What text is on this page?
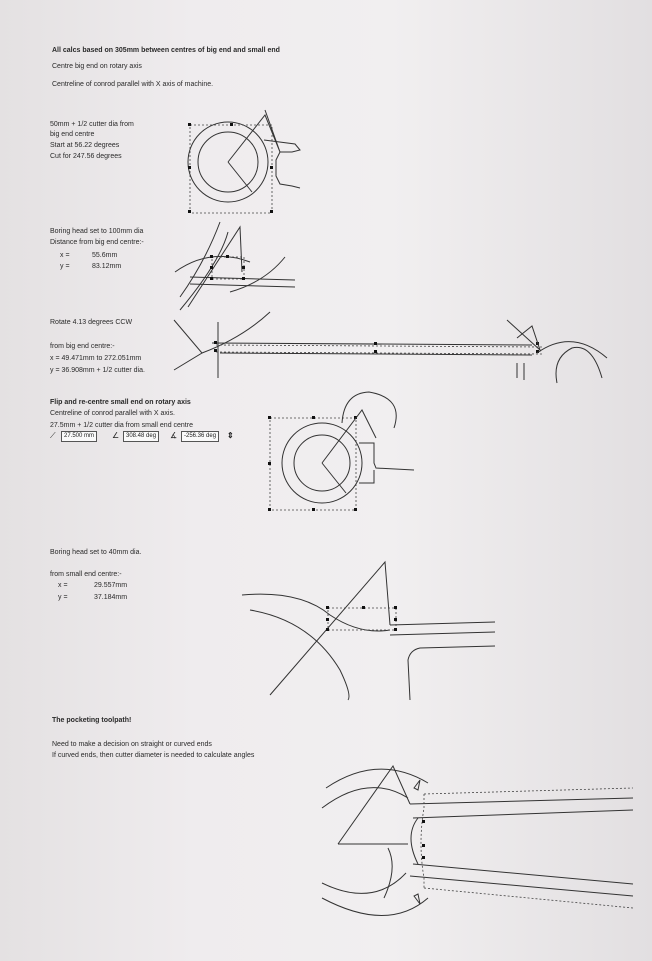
All calcs based on 305mm between centres of big end and small end
Centre big end on rotary axis
Centreline of conrod parallel with X axis of machine.
50mm + 1/2 cutter dia from
big end centre
Start at 56.22 degrees
Cut for 247.56 degrees
Boring head set to 100mm dia
Distance from big end centre:-
x =	55.6mm
y =	83.12mm
Rotate 4.13 degrees CCW
from big end centre:-
x = 49.471mm to 272.051mm
y = 36.908mm + 1/2 cutter dia.
Flip and re-centre small end on rotary axis
Centreline of conrod parallel with X axis.
27.5mm + 1/2 cutter dia from small end centre
⟋	27.500 mm	∠	308.48 deg	∡	-256.36 deg	⇕
Boring head set to 40mm dia.
from small end centre:-
x =	29.557mm
y =	37.184mm
The pocketing toolpath!
Need to make a decision on straight or curved ends
If curved ends, then cutter diameter is needed to calculate angles
